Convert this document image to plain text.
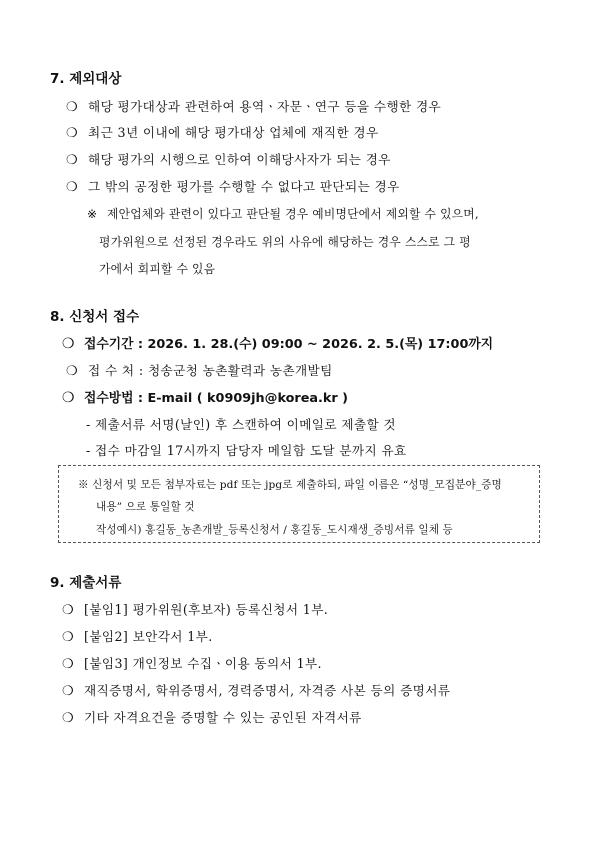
7. 제외대상
❍ 해당 평가대상과 관련하여 용역ㆍ자문ㆍ연구 등을 수행한 경우
❍ 최근 3년 이내에 해당 평가대상 업체에 재직한 경우
❍ 해당 평가의 시행으로 인하여 이해당사자가 되는 경우
❍ 그 밖의 공정한 평가를 수행할 수 없다고 판단되는 경우
※ 제안업체와 관련이 있다고 판단될 경우 예비명단에서 제외할 수 있으며,
평가위원으로 선정된 경우라도 위의 사유에 해당하는 경우 스스로 그 평
가에서 회피할 수 있음
8. 신청서 접수
❍ 접수기간 : 2026. 1. 28.(수) 09:00 ~ 2026. 2. 5.(목) 17:00까지
❍ 접 수 처 : 청송군청 농촌활력과 농촌개발팀
❍ 접수방법 : E-mail ( k0909jh@korea.kr )
- 제출서류 서명(날인) 후 스캔하여 이메일로 제출할 것
- 접수 마감일 17시까지 담당자 메일함 도달 분까지 유효
※ 신청서 및 모든 첨부자료는 pdf 또는 jpg로 제출하되, 파일 이름은 “성명_모집분야_증명
내용” 으로 통일할 것
작성예시) 홍길동_농촌개발_등록신청서 / 홍길동_도시재생_증빙서류 일체 등
9. 제출서류
❍ [붙임1] 평가위원(후보자) 등록신청서 1부.
❍ [붙임2] 보안각서 1부.
❍ [붙임3] 개인정보 수집ㆍ이용 동의서 1부.
❍ 재직증명서, 학위증명서, 경력증명서, 자격증 사본 등의 증명서류
❍ 기타 자격요건을 증명할 수 있는 공인된 자격서류
